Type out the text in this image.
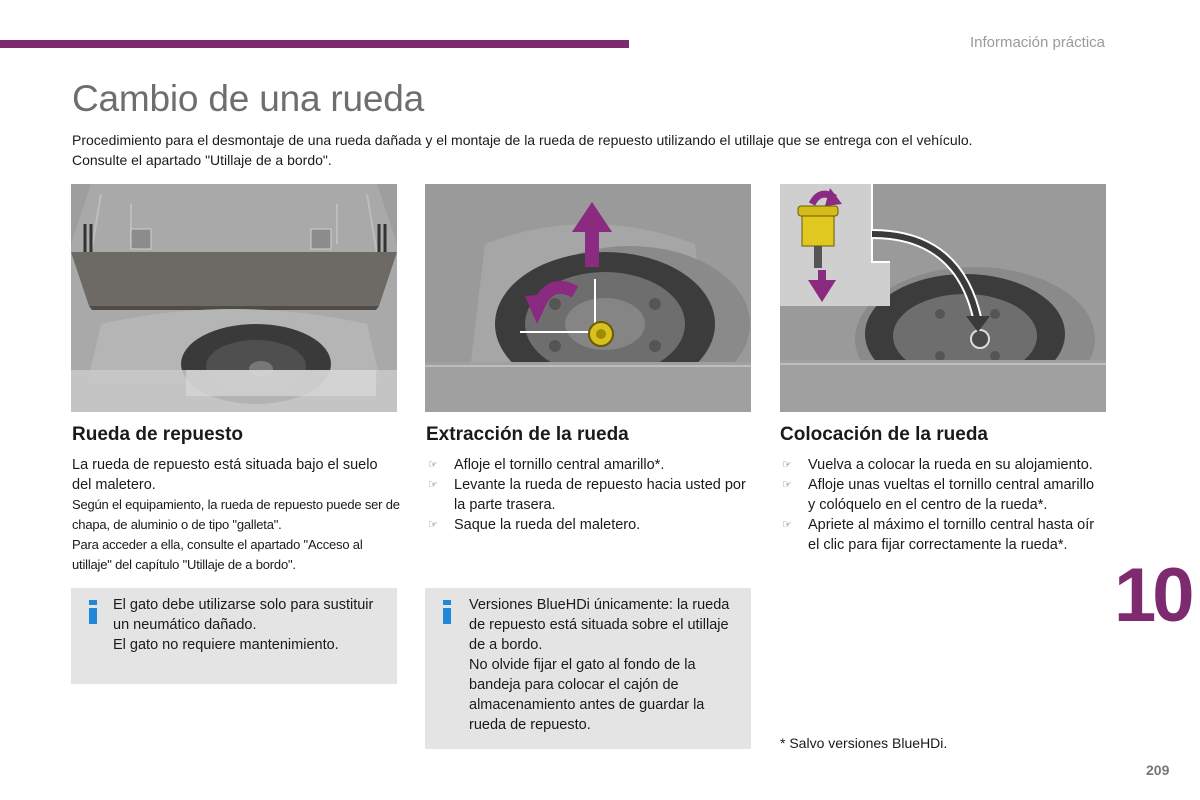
Información práctica
Cambio de una rueda

Procedimiento para el desmontaje de una rueda dañada y el montaje de la rueda de repuesto utilizando el utillaje que se entrega con el vehículo.

Consulte el apartado "Utillaje de a bordo".

Rueda de repuesto

La rueda de repuesto está situada bajo el suelo del maletero.

Según el equipamiento, la rueda de repuesto puede ser de chapa, de aluminio o de tipo "galleta".

Para acceder a ella, consulte el apartado "Acceso al utillaje" del capítulo "Utillaje de a bordo".

El gato debe utilizarse solo para sustituir un neumático dañado.

El gato no requiere mantenimiento.

Extracción de la rueda
☞ Afloje el tornillo central amarillo*.
☞ Levante la rueda de repuesto hacia usted por la parte trasera.
☞ Saque la rueda del maletero.

Versiones BlueHDi únicamente: la rueda de repuesto está situada sobre el utillaje de a bordo.

No olvide fijar el gato al fondo de la bandeja para colocar el cajón de almacenamiento antes de guardar la rueda de repuesto.

Colocación de la rueda
☞ Vuelva a colocar la rueda en su alojamiento.
☞ Afloje unas vueltas el tornillo central amarillo y colóquelo en el centro de la rueda*.
☞ Apriete al máximo el tornillo central hasta oír el clic para fijar correctamente la rueda*.
10
* Salvo versiones BlueHDi.
209
